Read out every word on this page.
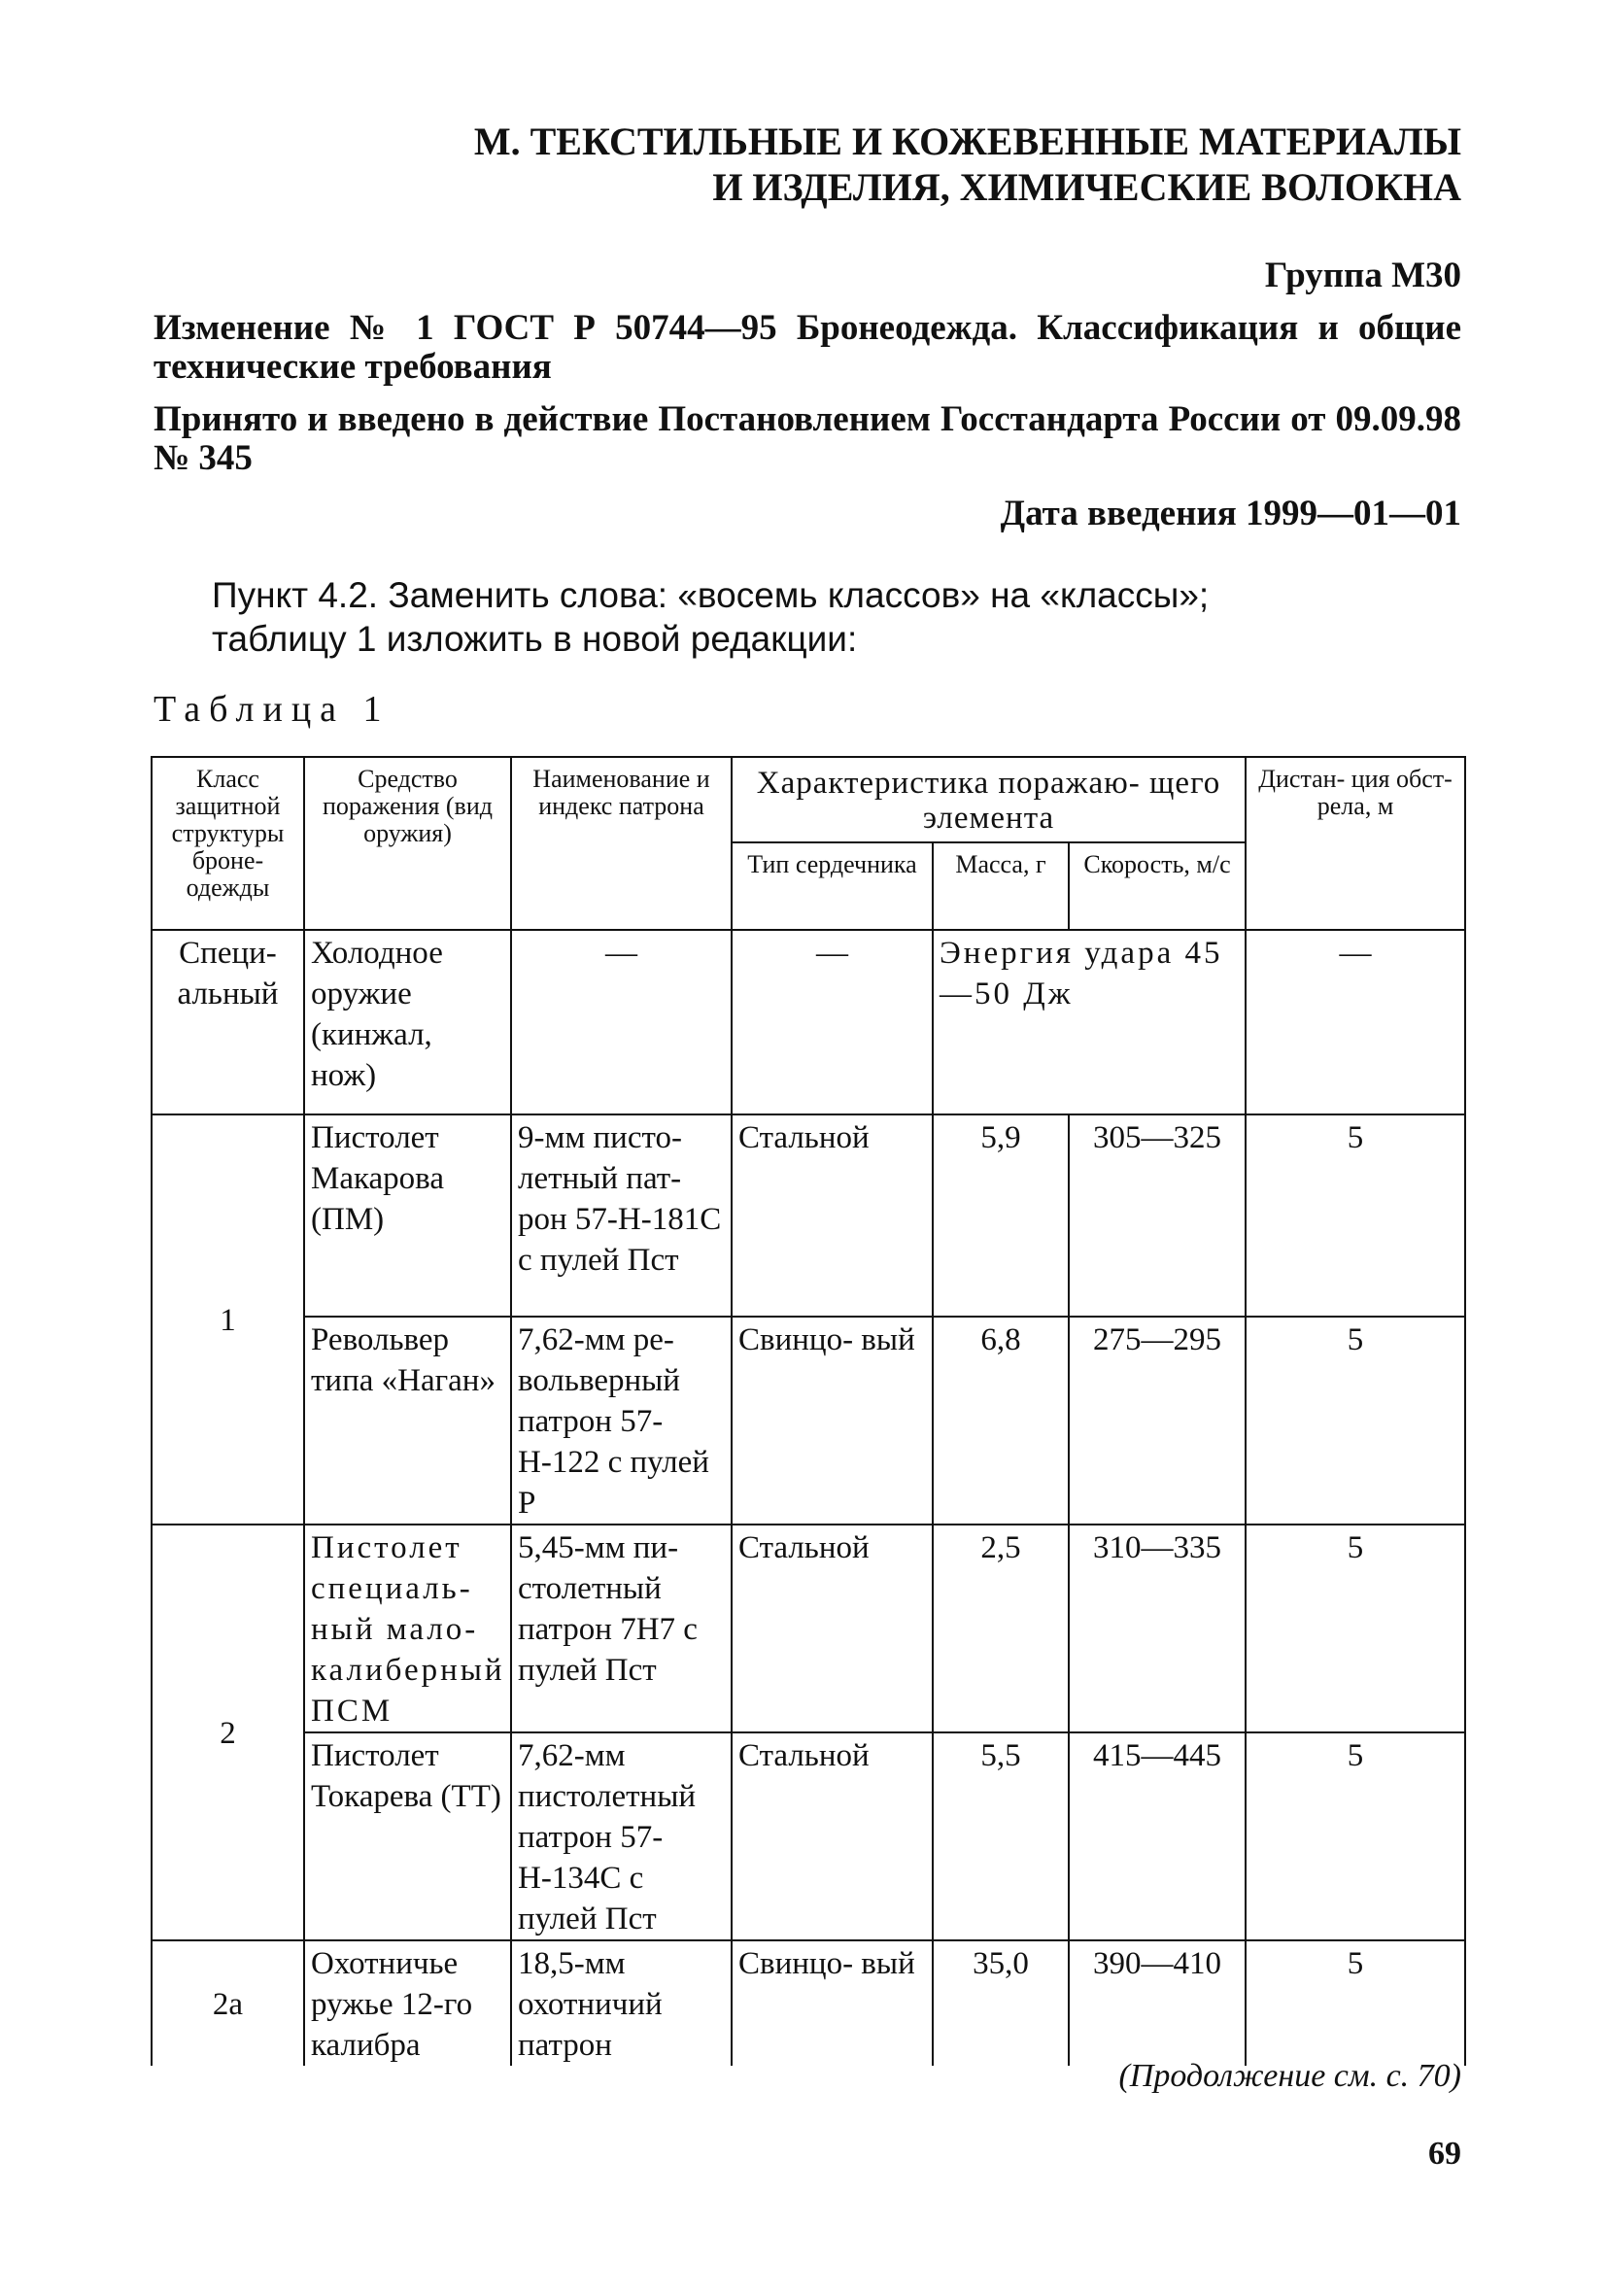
М. ТЕКСТИЛЬНЫЕ И КОЖЕВЕННЫЕ МАТЕРИАЛЫ
И ИЗДЕЛИЯ, ХИМИЧЕСКИЕ ВОЛОКНА
Группа М30
Изменение № 1 ГОСТ Р 50744—95 Бронеодежда. Классификация и общие технические требования
Принято и введено в действие Постановлением Госстандарта России от 09.09.98 № 345
Дата введения 1999—01—01
Пункт 4.2. Заменить слова: «восемь классов» на «классы»;
таблицу 1 изложить в новой редакции:
Таблица 1
Класс защитной структуры броне- одежды	Средство поражения (вид оружия)	Наименование и индекс патрона	Характеристика поражаю- щего элемента			Дистан- ция обст- рела, м
			Тип сердечника	Масса, г	Скорость, м/с	
Специ- альный	Холодное оружие (кинжал, нож)	—	—	Энергия удара 45—50 Дж		—
1	Пистолет Макарова (ПМ)	9-мм писто- летный пат- рон 57-Н-181С с пулей Пст	Стальной	5,9	305—325	5
	Револьвер типа «Наган»	7,62-мм ре- вольверный патрон 57-Н-122 с пулей Р	Свинцо- вый	6,8	275—295	5
2	Пистолет специаль- ный мало- калиберный ПСМ	5,45-мм пи- столетный патрон 7Н7 с пулей Пст	Стальной	2,5	310—335	5
	Пистолет Токарева (ТТ)	7,62-мм пистолетный патрон 57-Н-134С с пулей Пст	Стальной	5,5	415—445	5
2а	Охотничье ружье 12-го калибра	18,5-мм охотничий патрон	Свинцо- вый	35,0	390—410	5
(Продолжение см. с. 70)
69
